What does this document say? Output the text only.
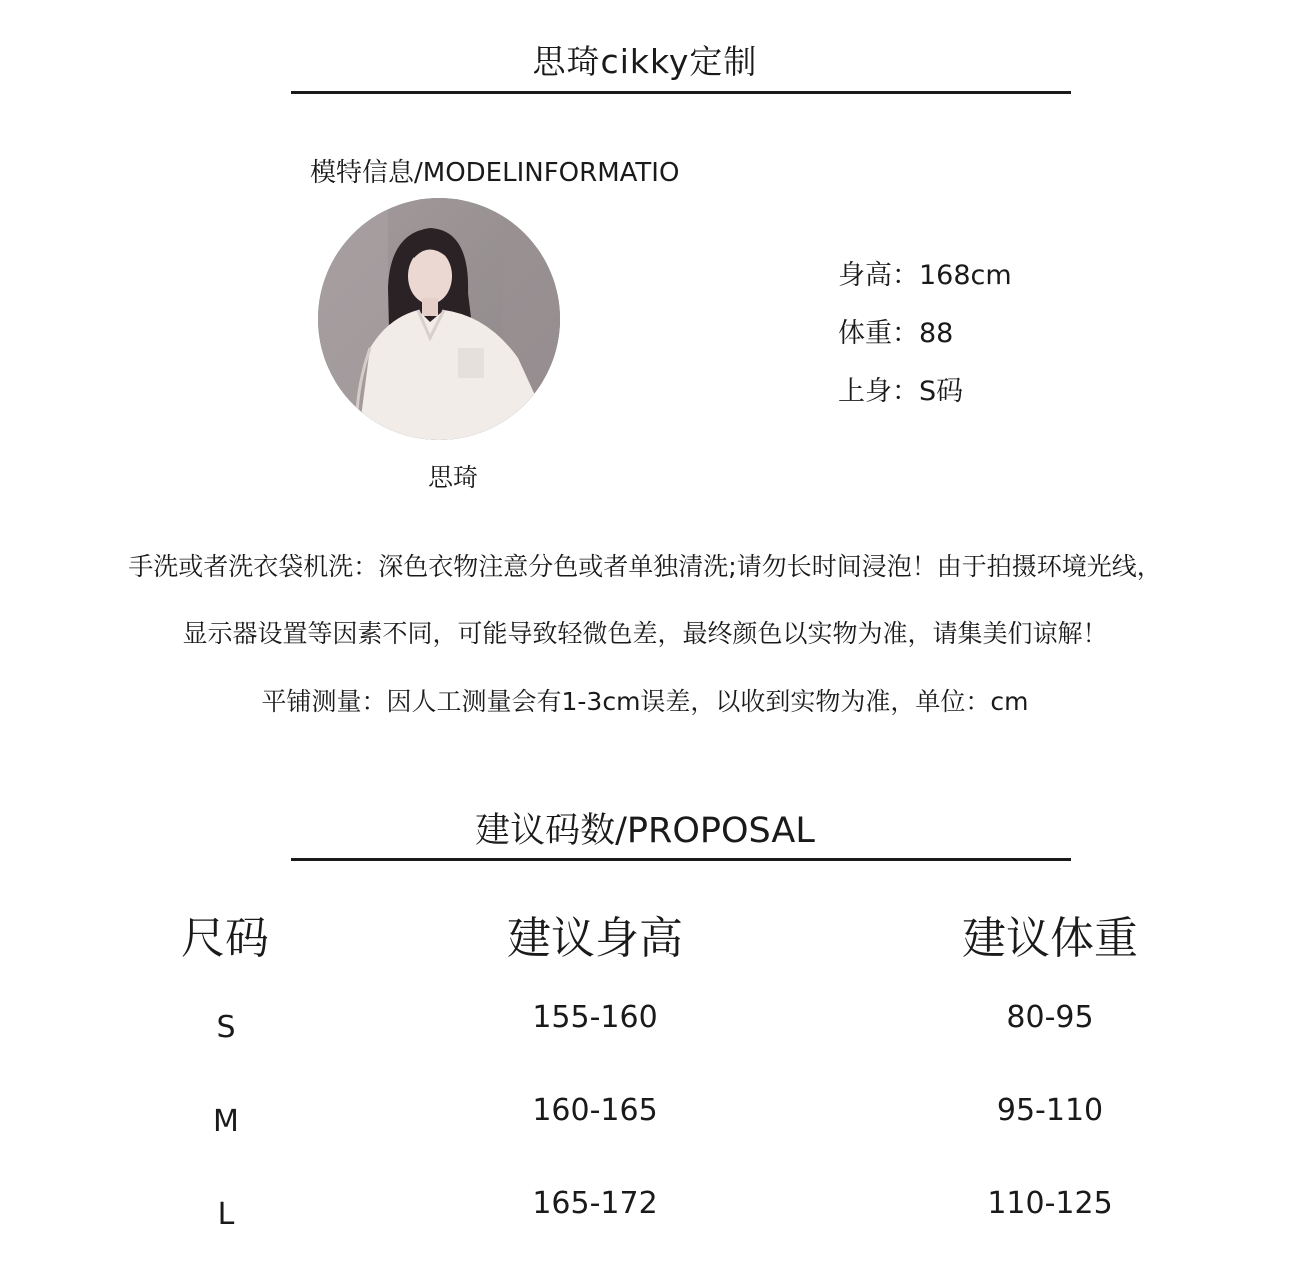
思琦cikky定制
模特信息/MODELINFORMATIO
思琦
身高：168cm
体重：88
上身：S码
手洗或者洗衣袋机洗：深色衣物注意分色或者单独清洗;请勿长时间浸泡！由于拍摄环境光线，
显示器设置等因素不同，可能导致轻微色差，最终颜色以实物为准，请集美们谅解！
平铺测量：因人工测量会有1-3cm误差，以收到实物为准，单位：cm
建议码数/PROPOSAL
尺码	建议身高	建议体重
S	155-160	80-95
M	160-165	95-110
L	165-172	110-125
